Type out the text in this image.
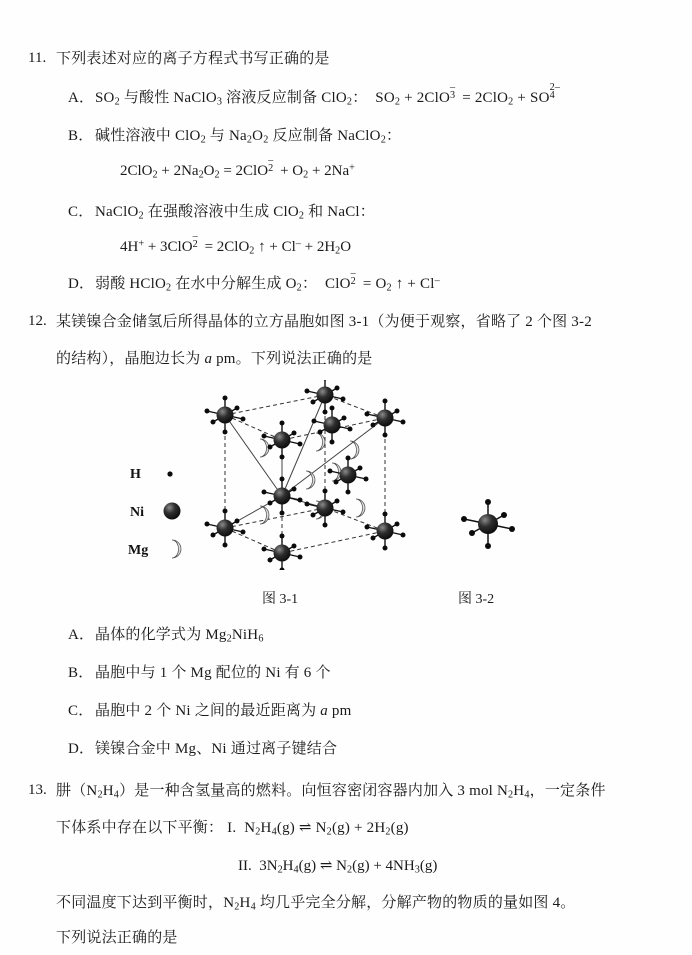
11. 下列表述对应的离子方程式书写正确的是
A． $SO_2$ 与酸性 NaClO$_3$ 溶液反应制备 ClO$_2$：  $SO_2 + 2ClO$
–
3 = 2ClO$_2$ + SO
2–
4
B． 碱性溶液中 ClO$_2$ 与 $Na_2O_2$ 反应制备 NaClO$_2$：
$2ClO_2 + 2Na_2O_2 = 2ClO$
–
$2 + O_2 + 2Na^+$
C． NaClO$_2$ 在强酸溶液中生成 ClO$_2$ 和 NaCl：
4H+ + 3ClO
–
2 = 2ClO$_2$ ↑ + $Cl^- + 2H_2O$
D． 弱酸 HClO$_2$ 在水中分解生成 $O_2$：  ClO
–
$2 = O_2$ ↑ + Cl–
12. 某镁镍合金储氢后所得晶体的立方晶胞如图 3-1（为便于观察，省略了 2 个图 3-2
的结构），晶胞边长为 a pm。下列说法正确的是
H
Ni
Mg
图 3-1	图 3-2
A． 晶体的化学式为 $Mg_2NiH_6$
B． 晶胞中与 1 个 Mg 配位的 Ni 有 6 个
C． 晶胞中 2 个 Ni 之间的最近距离为 a pm
D． 镁镍合金中 Mg、Ni 通过离子键结合
13. 肼$(N_2H_4)$是一种含氢量高的燃料。向恒容密闭容器内加入 3 mol $N_2H_4$，一定条件
下体系中存在以下平衡： I.  $N_2H_4(g)$ ⇌ $N_2(g) + 2H_2(g)$
II.  $3N_2H_4(g)$ ⇌ $N_2(g) + 4NH_3(g)$
不同温度下达到平衡时，$N_2H_4$ 均几乎完全分解，分解产物的物质的量如图 4。
下列说法正确的是
